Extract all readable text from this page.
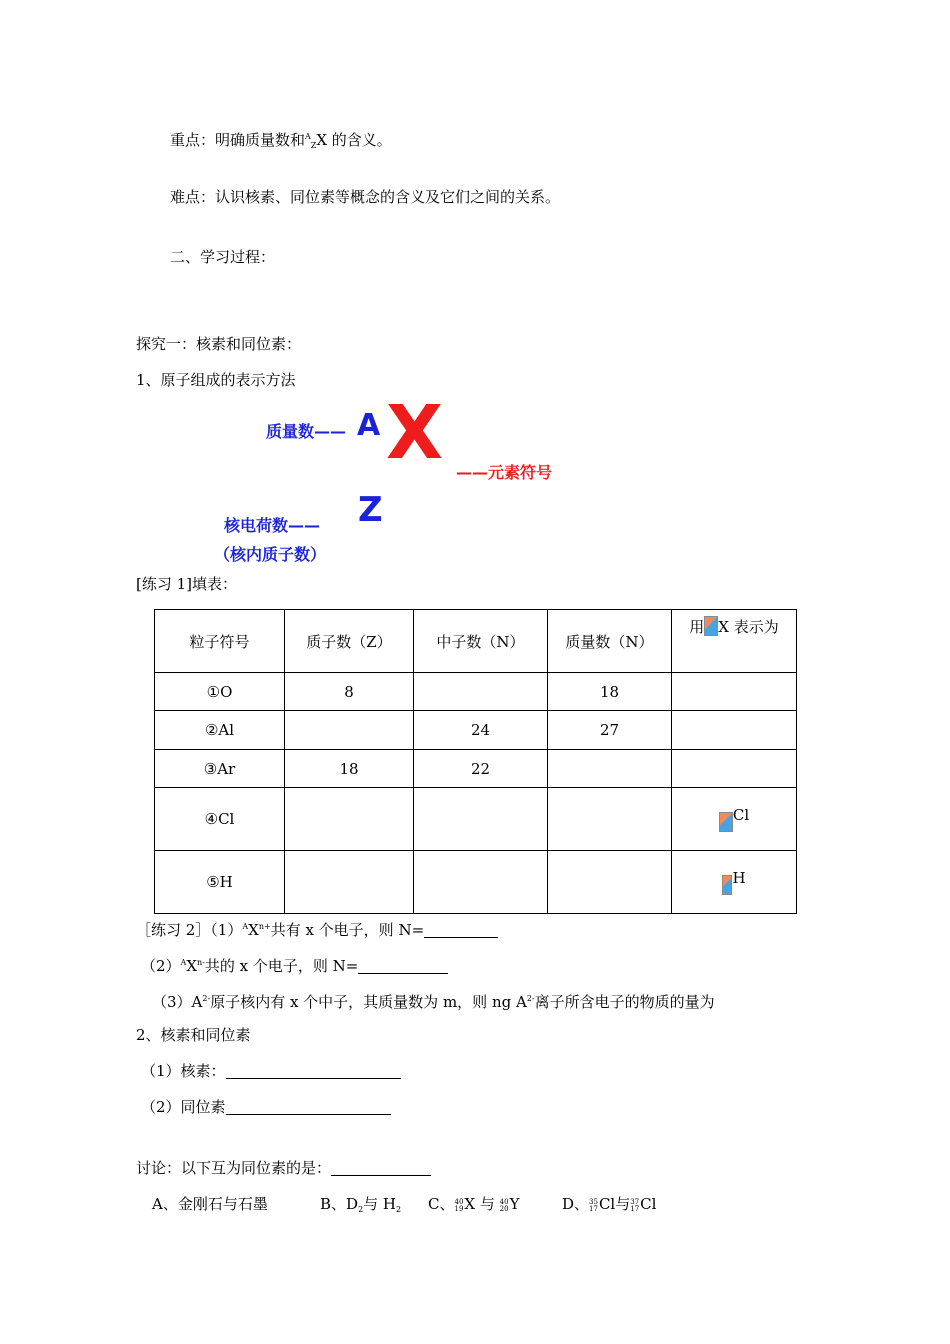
重点：明确质量数和$^A_Z$X 的含义。
难点：认识核素、同位素等概念的含义及它们之间的关系。
二、学习过程：
探究一：核素和同位素：
1、原子组成的表示方法
质量数—— A X ——元素符号
核电荷数—— Z
（核内质子数）
[练习 1]填表：
粒子符号	质子数（Z）	中子数（N）	质量数（N）	用 X 表示为
①O	8		18	
②Al		24	27	
③Ar	18	22		
④Cl				Cl
⑤H				H
［练习 $2](1)^AX^{n+}$共有 x 个电子，则 N=
$(2)^AX^{n-}$共的 x 个电子，则 N=
$(3)A^{2-}$原子核内有 x 个中子，其质量数为 m，则 ng $A^{2-}$离子所含电子的物质的量为
2、核素和同位素
（1）核素：
（2）同位素
讨论：以下互为同位素的是：
A、金刚石与石墨	B、$D_2$与 $H_2$ C、 40
19 X 与 40
20 Y	D、 35
17 Cl与 37
17 Cl
